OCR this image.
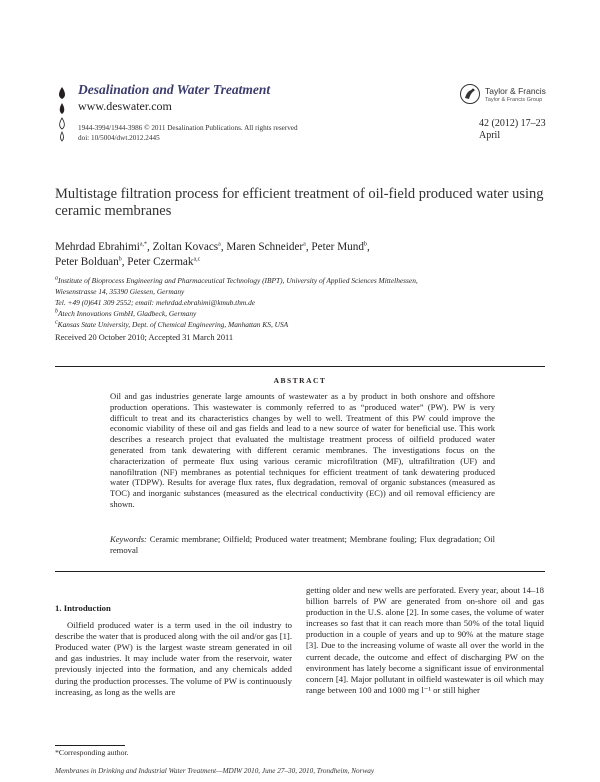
Desalination and Water Treatment
www.deswater.com
1944-3994/1944-3986 © 2011 Desalination Publications. All rights reserved
doi: 10/5004/dwt.2012.2445
Taylor & Francis
Taylor & Francis Group
42 (2012) 17–23
April
Multistage filtration process for efficient treatment of oil-field produced water using ceramic membranes
Mehrdad Ebrahimi$^{a,*}$, Zoltan Kovacs$^a$, Maren Schneider$^a$, Peter Mund$^b$,
Peter Bolduan$^b$, Peter Czermak$^{a,c}$
$^a$Institute of Bioprocess Engineering and Pharmaceutical Technology (IBPT), University of Applied Sciences Mittelhessen,
Wiesenstrasse 14, 35390 Giessen, Germany
Tel. +49 (0)641 309 2552; email: mehrdad.ebrahimi@kmub.thm.de
$^b$Atech Innovations GmbH, Gladbeck, Germany
$^c$Kansas State University, Dept. of Chemical Engineering, Manhattan KS, USA
Received 20 October 2010; Accepted 31 March 2011
ABSTRACT
Oil and gas industries generate large amounts of wastewater as a by product in both onshore and offshore production operations. This wastewater is commonly referred to as “produced water” (PW). PW is very difficult to treat and its characteristics changes by well to well. Treatment of this PW could improve the economic viability of these oil and gas fields and lead to a new source of water for beneficial use. This work describes a research project that evaluated the multistage treatment process of oilfield produced water generated from tank dewatering with different ceramic membranes. The investigations focus on the characterization of permeate flux using various ceramic microfiltration (MF), ultrafiltration (UF) and nanofiltration (NF) membranes as potential techniques for efficient treatment of tank dewatering produced water (TDPW). Results for average flux rates, flux degradation, removal of organic substances (measured as TOC) and inorganic substances (measured as the electrical conductivity (EC)) and oil removal efficiency are shown.
Keywords: Ceramic membrane; Oilfield; Produced water treatment; Membrane fouling; Flux degradation; Oil removal
1. Introduction
Oilfield produced water is a term used in the oil industry to describe the water that is produced along with the oil and/or gas [1]. Produced water (PW) is the largest waste stream generated in oil and gas industries. It may include water from the reservoir, water previously injected into the formation, and any chemicals added during the production processes. The volume of PW is continuously increasing, as long as the wells are
getting older and new wells are perforated. Every year, about 14–18 billion barrels of PW are generated from on-shore oil and gas production in the U.S. alone [2]. In some cases, the volume of water increases so fast that it can reach more than 50% of the total liquid production in a couple of years and up to 90% at the mature stage [3]. Due to the increasing volume of waste all over the world in the current decade, the outcome and effect of discharging PW on the environment has lately become a significant issue of environmental concern [4]. Major pollutant in oilfield wastewater is oil which may range between 100 and 1000 mg l⁻¹ or still higher
*Corresponding author.
Membranes in Drinking and Industrial Water Treatment—MDIW 2010, June 27–30, 2010, Trondheim, Norway
